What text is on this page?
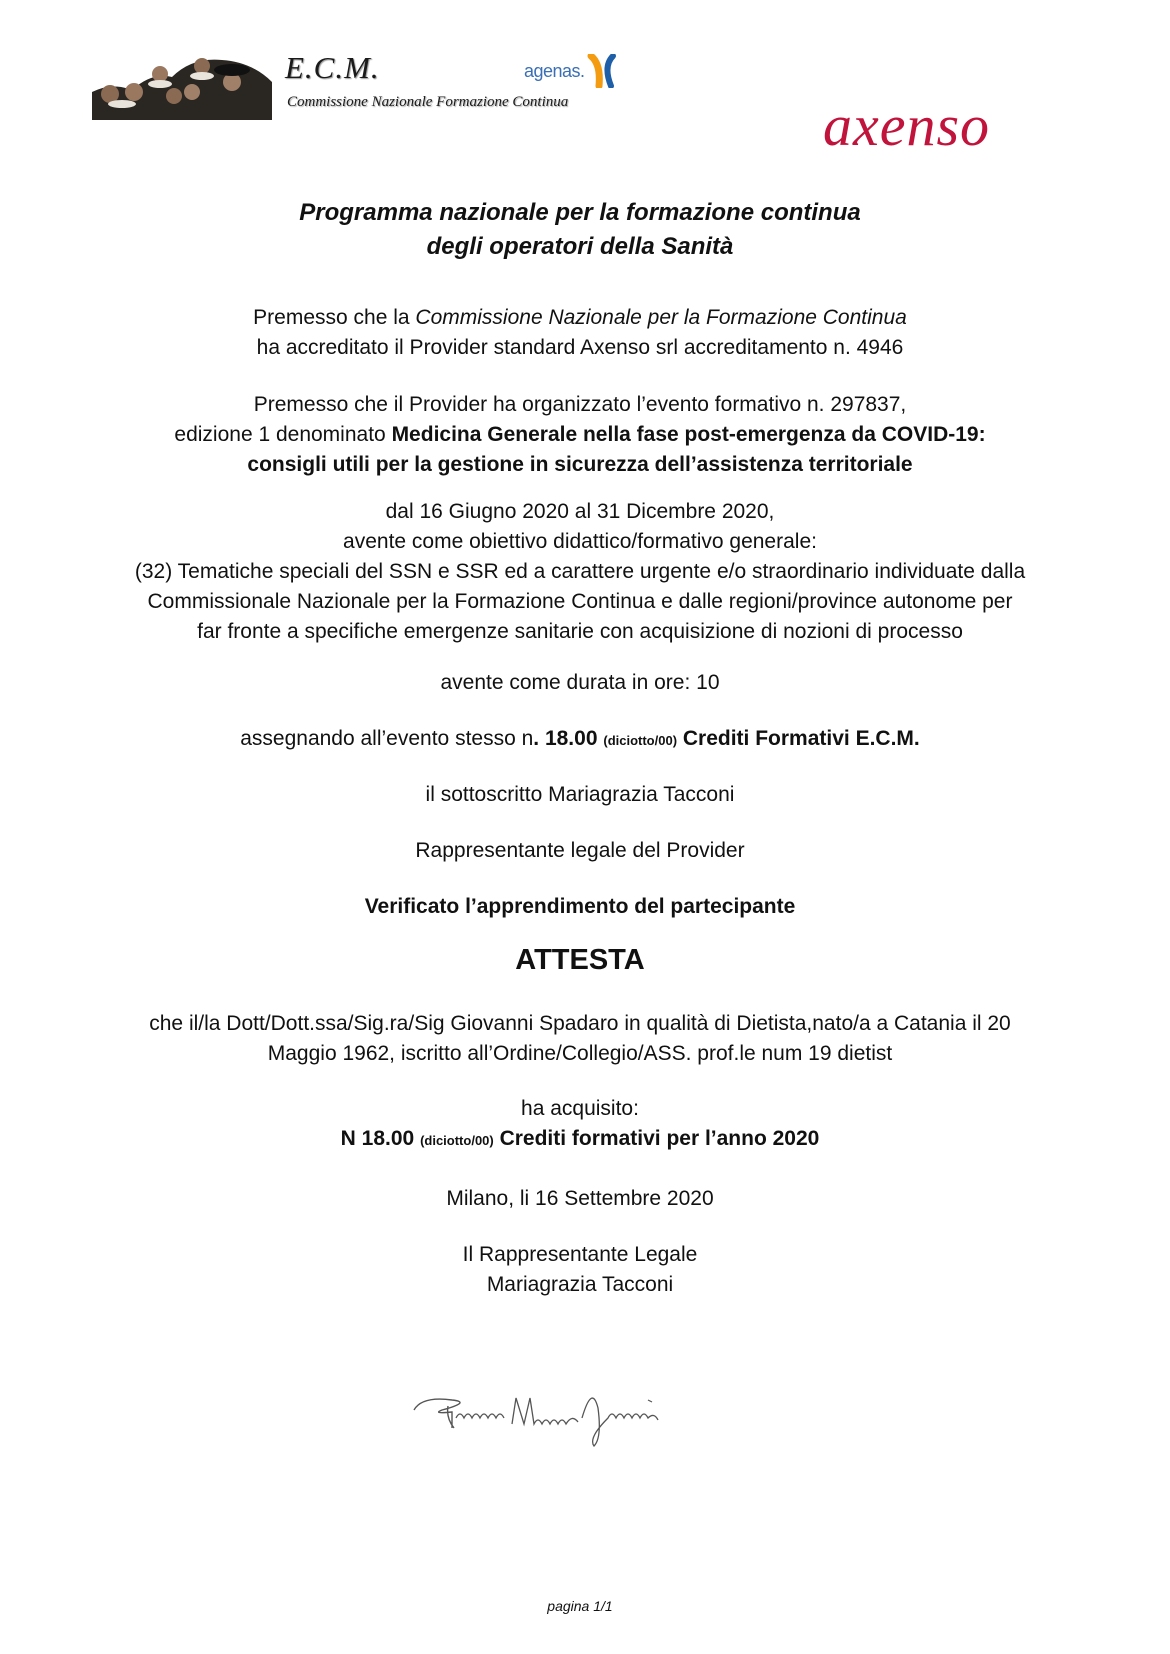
E.C.M.
Commissione Nazionale Formazione Continua
agenas.
axenso
Programma nazionale per la formazione continua
degli operatori della Sanità
Premesso che la Commissione Nazionale per la Formazione Continua
ha accreditato il Provider standard Axenso srl accreditamento n. 4946
Premesso che il Provider ha organizzato l’evento formativo n. 297837,
edizione 1 denominato Medicina Generale nella fase post-emergenza da COVID-19:
consigli utili per la gestione in sicurezza dell’assistenza territoriale
dal 16 Giugno 2020 al 31 Dicembre 2020,
avente come obiettivo didattico/formativo generale:
(32) Tematiche speciali del SSN e SSR ed a carattere urgente e/o straordinario individuate dalla
Commissionale Nazionale per la Formazione Continua e dalle regioni/province autonome per
far fronte a specifiche emergenze sanitarie con acquisizione di nozioni di processo
avente come durata in ore: 10
assegnando all’evento stesso n. 18.00 (diciotto/00) Crediti Formativi E.C.M.
il sottoscritto Mariagrazia Tacconi
Rappresentante legale del Provider
Verificato l’apprendimento del partecipante
ATTESTA
che il/la Dott/Dott.ssa/Sig.ra/Sig Giovanni Spadaro in qualità di Dietista,nato/a a Catania il 20
Maggio 1962, iscritto all’Ordine/Collegio/ASS. prof.le num 19 dietist
ha acquisito:
N 18.00 (diciotto/00) Crediti formativi per l’anno 2020
Milano, li 16 Settembre 2020
Il Rappresentante Legale
Mariagrazia Tacconi
pagina 1/1
